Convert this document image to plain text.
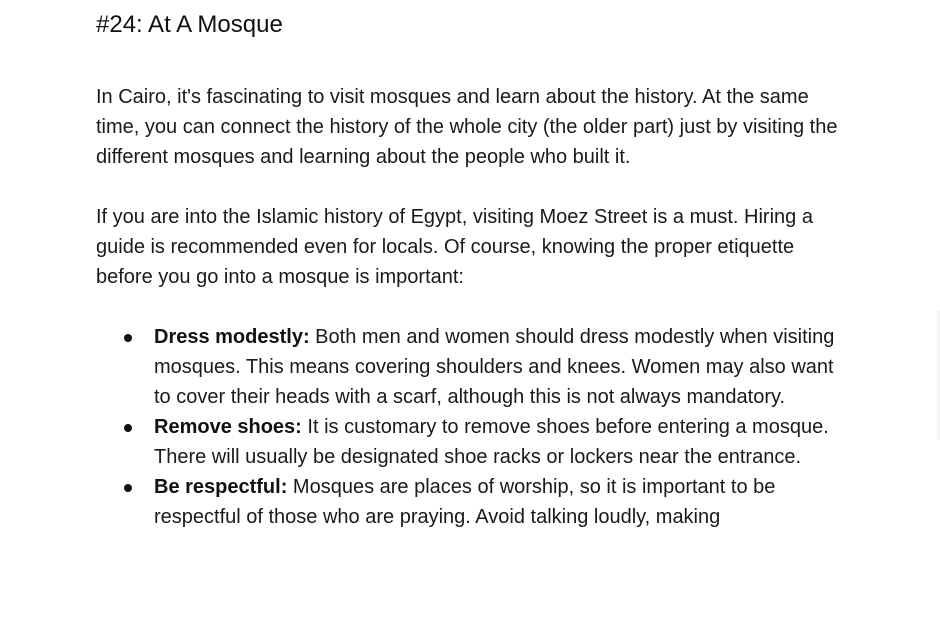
#24: At A Mosque

In Cairo, it's fascinating to visit mosques and learn about the history. At the same time, you can connect the history of the whole city (the older part) just by visiting the different mosques and learning about the people who built it.

If you are into the Islamic history of Egypt, visiting Moez Street is a must. Hiring a guide is recommended even for locals. Of course, knowing the proper etiquette before you go into a mosque is important:

Dress modestly: Both men and women should dress modestly when visiting mosques. This means covering shoulders and knees. Women may also want to cover their heads with a scarf, although this is not always mandatory.
Remove shoes: It is customary to remove shoes before entering a mosque. There will usually be designated shoe racks or lockers near the entrance.
Be respectful: Mosques are places of worship, so it is important to be respectful of those who are praying. Avoid talking loudly, making
